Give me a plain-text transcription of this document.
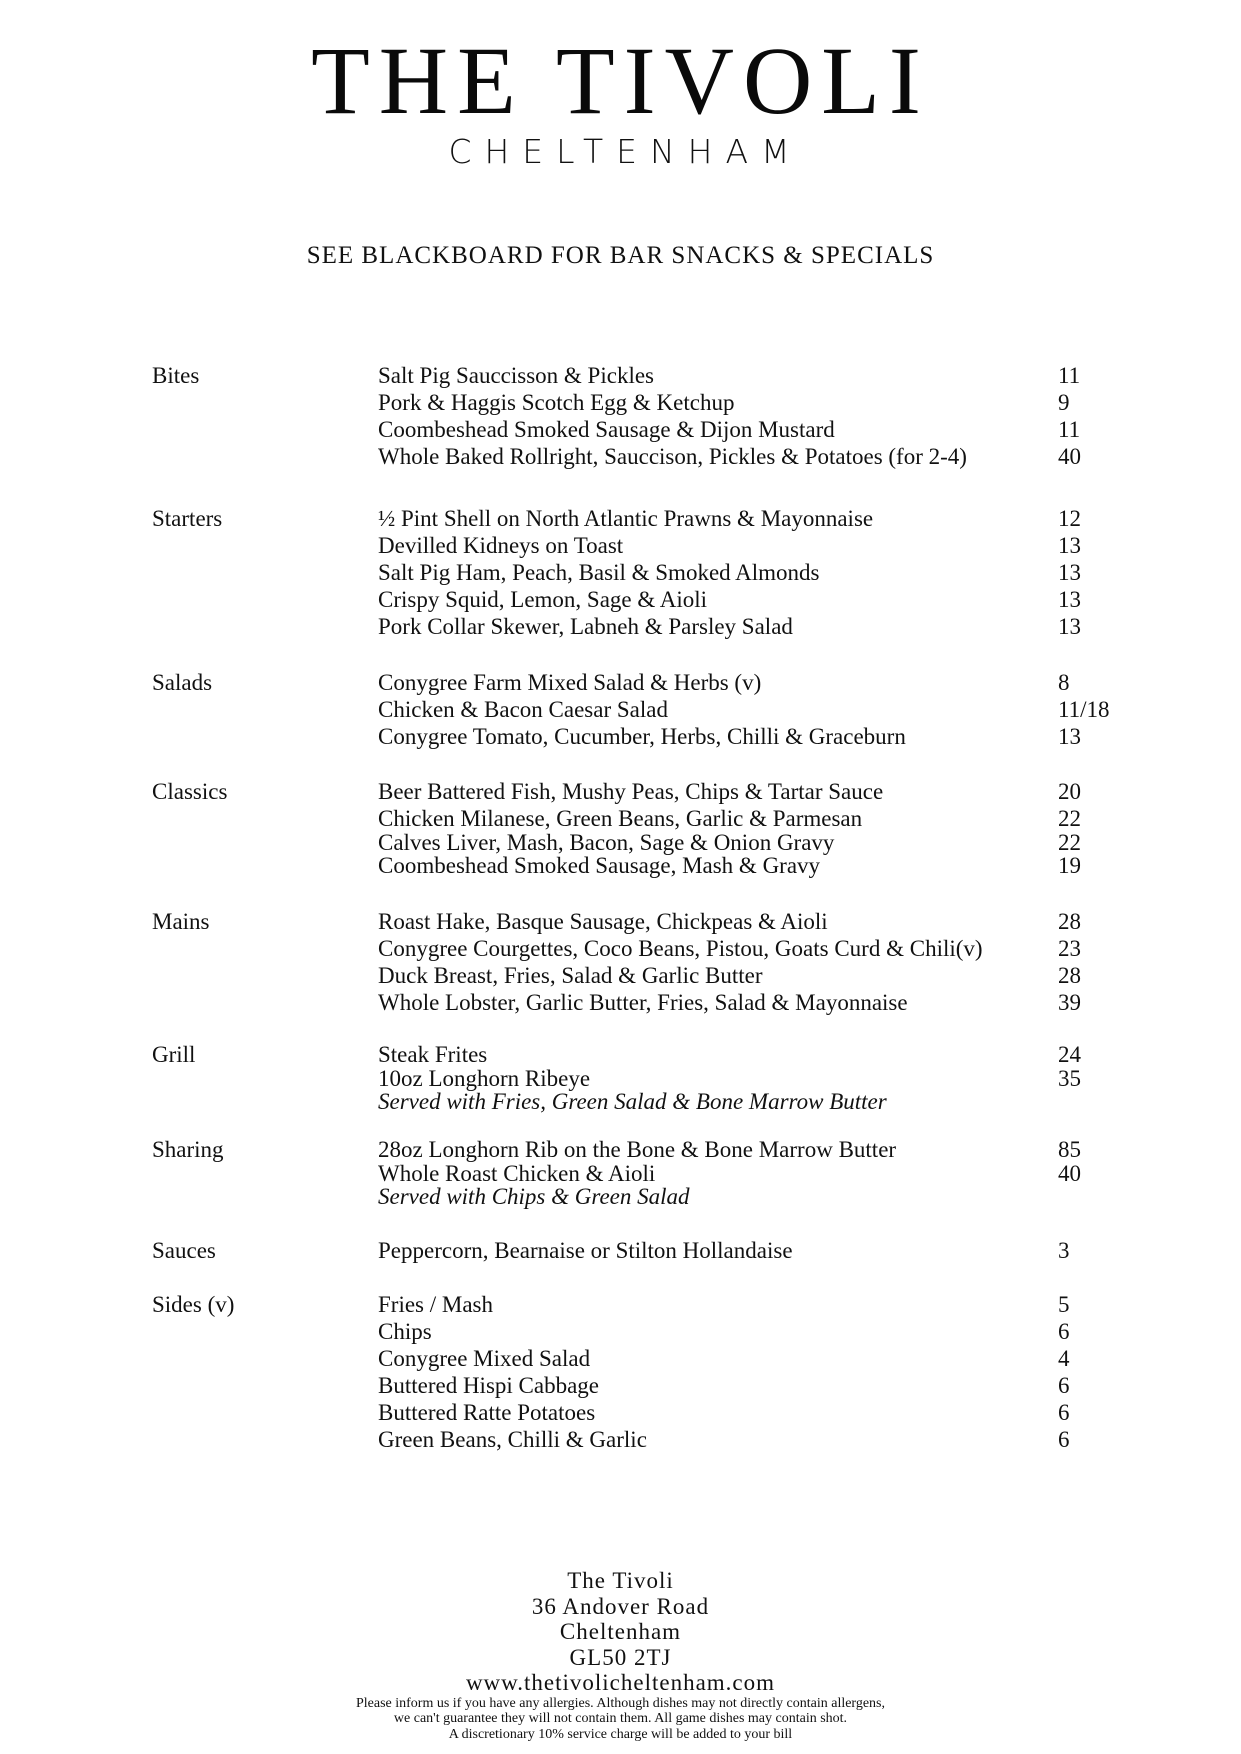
THE TIVOLI
CHELTENHAM
SEE BLACKBOARD FOR BAR SNACKS & SPECIALS
Bites	Salt Pig Sauccisson & Pickles	11
Pork & Haggis Scotch Egg & Ketchup	9
Coombeshead Smoked Sausage & Dijon Mustard	11
Whole Baked Rollright, Sauccison, Pickles & Potatoes (for 2-4)	40
Starters	½ Pint Shell on North Atlantic Prawns & Mayonnaise	12
Devilled Kidneys on Toast	13
Salt Pig Ham, Peach, Basil & Smoked Almonds	13
Crispy Squid, Lemon, Sage & Aioli	13
Pork Collar Skewer, Labneh & Parsley Salad	13
Salads	Conygree Farm Mixed Salad & Herbs (v)	8
Chicken & Bacon Caesar Salad	11/18
Conygree Tomato, Cucumber, Herbs, Chilli & Graceburn	13
Classics	Beer Battered Fish, Mushy Peas, Chips & Tartar Sauce	20
Chicken Milanese, Green Beans, Garlic & Parmesan	22
Calves Liver, Mash, Bacon, Sage & Onion Gravy	22
Coombeshead Smoked Sausage, Mash & Gravy	19
Mains	Roast Hake, Basque Sausage, Chickpeas & Aioli	28
Conygree Courgettes, Coco Beans, Pistou, Goats Curd & Chili(v)	23
Duck Breast, Fries, Salad & Garlic Butter	28
Whole Lobster, Garlic Butter, Fries, Salad & Mayonnaise	39
Grill	Steak Frites	24
10oz Longhorn Ribeye	35
Served with Fries, Green Salad & Bone Marrow Butter
Sharing	28oz Longhorn Rib on the Bone & Bone Marrow Butter	85
Whole Roast Chicken & Aioli	40
Served with Chips & Green Salad
Sauces	Peppercorn, Bearnaise or Stilton Hollandaise	3
Sides (v)	Fries / Mash	5
Chips	6
Conygree Mixed Salad	4
Buttered Hispi Cabbage	6
Buttered Ratte Potatoes	6
Green Beans, Chilli & Garlic	6
The Tivoli
36 Andover Road
Cheltenham
GL50 2TJ
www.thetivolicheltenham.com
Please inform us if you have any allergies. Although dishes may not directly contain allergens,
we can't guarantee they will not contain them. All game dishes may contain shot.
A discretionary 10% service charge will be added to your bill
